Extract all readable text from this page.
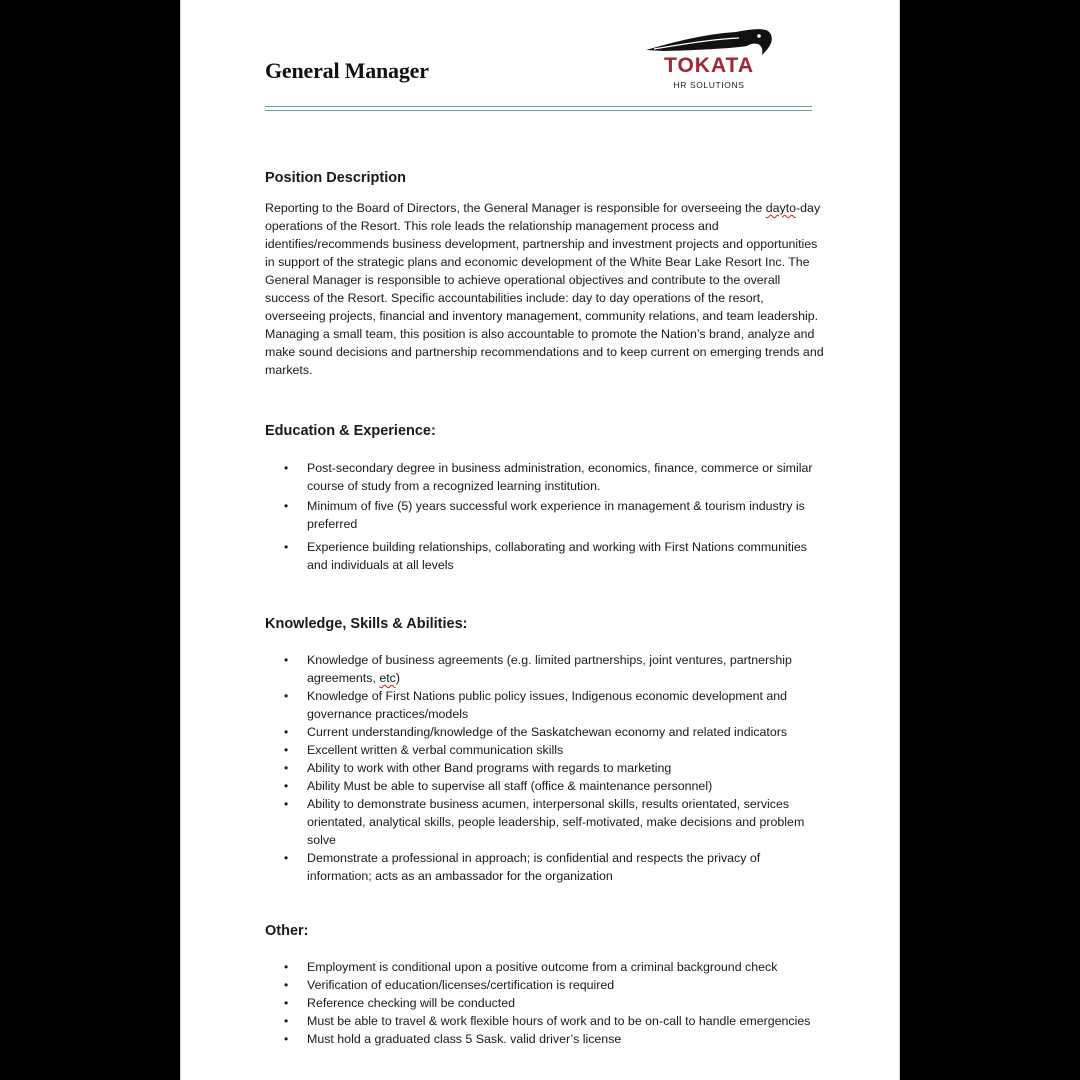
General Manager	TOKATA
HR SOLUTIONS
Position Description

Reporting to the Board of Directors, the General Manager is responsible for overseeing the dayto-day operations of the Resort. This role leads the relationship management process and identifies/recommends business development, partnership and investment projects and opportunities in support of the strategic plans and economic development of the White Bear Lake Resort Inc. The General Manager is responsible to achieve operational objectives and contribute to the overall success of the Resort. Specific accountabilities include: day to day operations of the resort, overseeing projects, financial and inventory management, community relations, and team leadership. Managing a small team, this position is also accountable to promote the Nation’s brand, analyze and make sound decisions and partnership recommendations and to keep current on emerging trends and markets.

Education & Experience:
• Post-secondary degree in business administration, economics, finance, commerce or similar course of study from a recognized learning institution.
• Minimum of five (5) years successful work experience in management & tourism industry is preferred
• Experience building relationships, collaborating and working with First Nations communities and individuals at all levels
Knowledge, Skills & Abilities:
• Knowledge of business agreements (e.g. limited partnerships, joint ventures, partnership agreements, etc)
• Knowledge of First Nations public policy issues, Indigenous economic development and governance practices/models
• Current understanding/knowledge of the Saskatchewan economy and related indicators
• Excellent written & verbal communication skills
• Ability to work with other Band programs with regards to marketing
• Ability Must be able to supervise all staff (office & maintenance personnel)
• Ability to demonstrate business acumen, interpersonal skills, results orientated, services orientated, analytical skills, people leadership, self-motivated, make decisions and problem solve
• Demonstrate a professional in approach; is confidential and respects the privacy of information; acts as an ambassador for the organization
Other:
• Employment is conditional upon a positive outcome from a criminal background check
• Verification of education/licenses/certification is required
• Reference checking will be conducted
• Must be able to travel & work flexible hours of work and to be on-call to handle emergencies
• Must hold a graduated class 5 Sask. valid driver’s license
